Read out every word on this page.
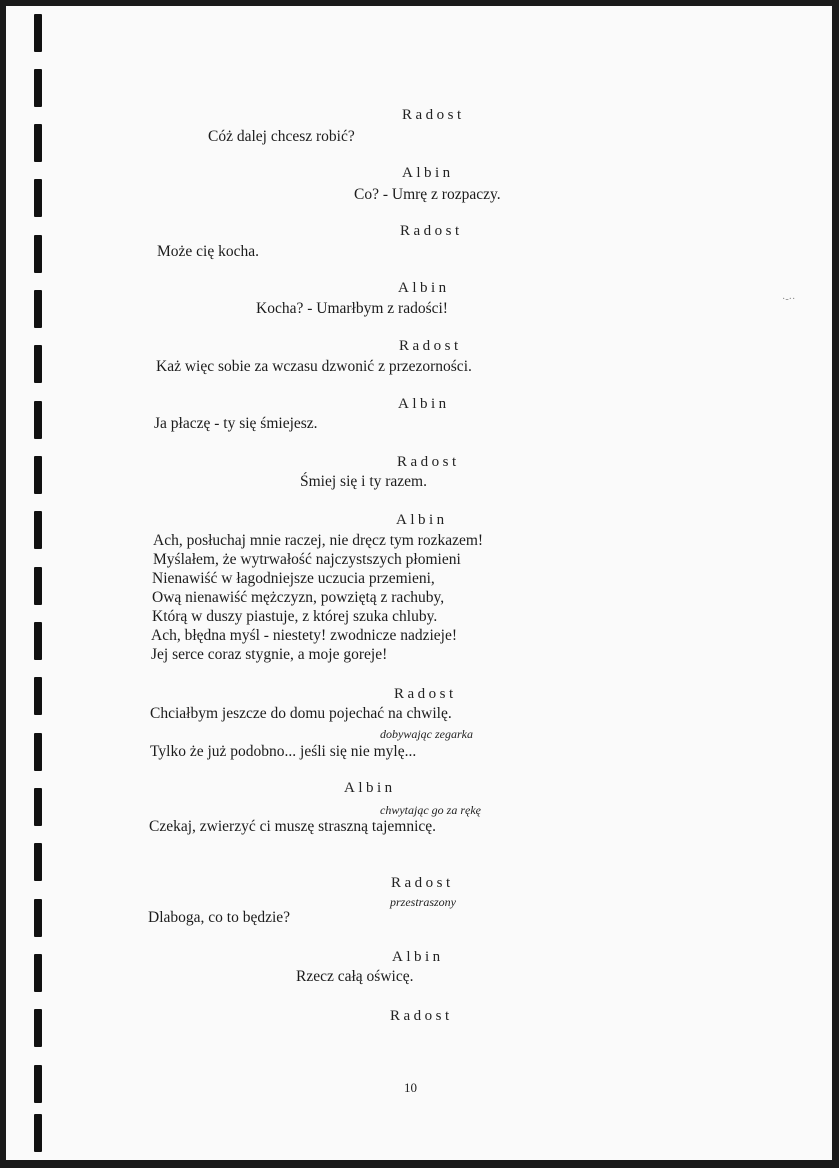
·-··
Radost
Cóż dalej chcesz robić?
Albin
Co? - Umrę z rozpaczy.
Radost
Może cię kocha.
Albin
Kocha? - Umarłbym z radości!
Radost
Każ więc sobie za wczasu dzwonić z przezorności.
Albin
Ja płaczę - ty się śmiejesz.
Radost
Śmiej się i ty razem.
Albin
Ach, posłuchaj mnie raczej, nie dręcz tym rozkazem!
Myślałem, że wytrwałość najczystszych płomieni
Nienawiść w łagodniejsze uczucia przemieni,
Ową nienawiść mężczyzn, powziętą z rachuby,
Którą w duszy piastuje, z której szuka chluby.
Ach, błędna myśl - niestety! zwodnicze nadzieje!
Jej serce coraz stygnie, a moje goreje!
Radost
Chciałbym jeszcze do domu pojechać na chwilę.
dobywając zegarka
Tylko że już podobno... jeśli się nie mylę...
Albin
chwytając go za rękę
Czekaj, zwierzyć ci muszę straszną tajemnicę.
Radost
przestraszony
Dlaboga, co to będzie?
Albin
Rzecz całą oświcę.
Radost
10
